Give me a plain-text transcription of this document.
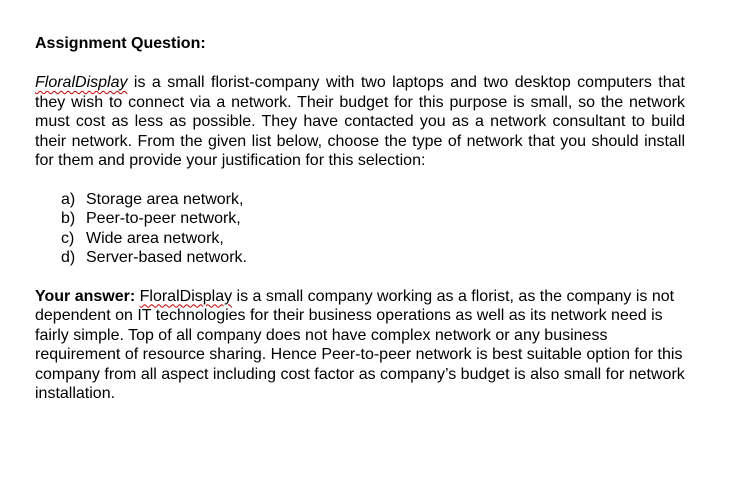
Assignment Question:

FloralDisplay is a small florist-company with two laptops and two desktop computers that they wish to connect via a network. Their budget for this purpose is small, so the network must cost as less as possible. They have contacted you as a network consultant to build their network. From the given list below, choose the type of network that you should install for them and provide your justification for this selection:

a) Storage area network,
b) Peer-to-peer network,
c) Wide area network,
d) Server-based network.

Your answer: FloralDisplay is a small company working as a florist, as the company is not dependent on IT technologies for their business operations as well as its network need is fairly simple. Top of all company does not have complex network or any business requirement of resource sharing. Hence Peer-to-peer network is best suitable option for this company from all aspect including cost factor as company’s budget is also small for network installation.
